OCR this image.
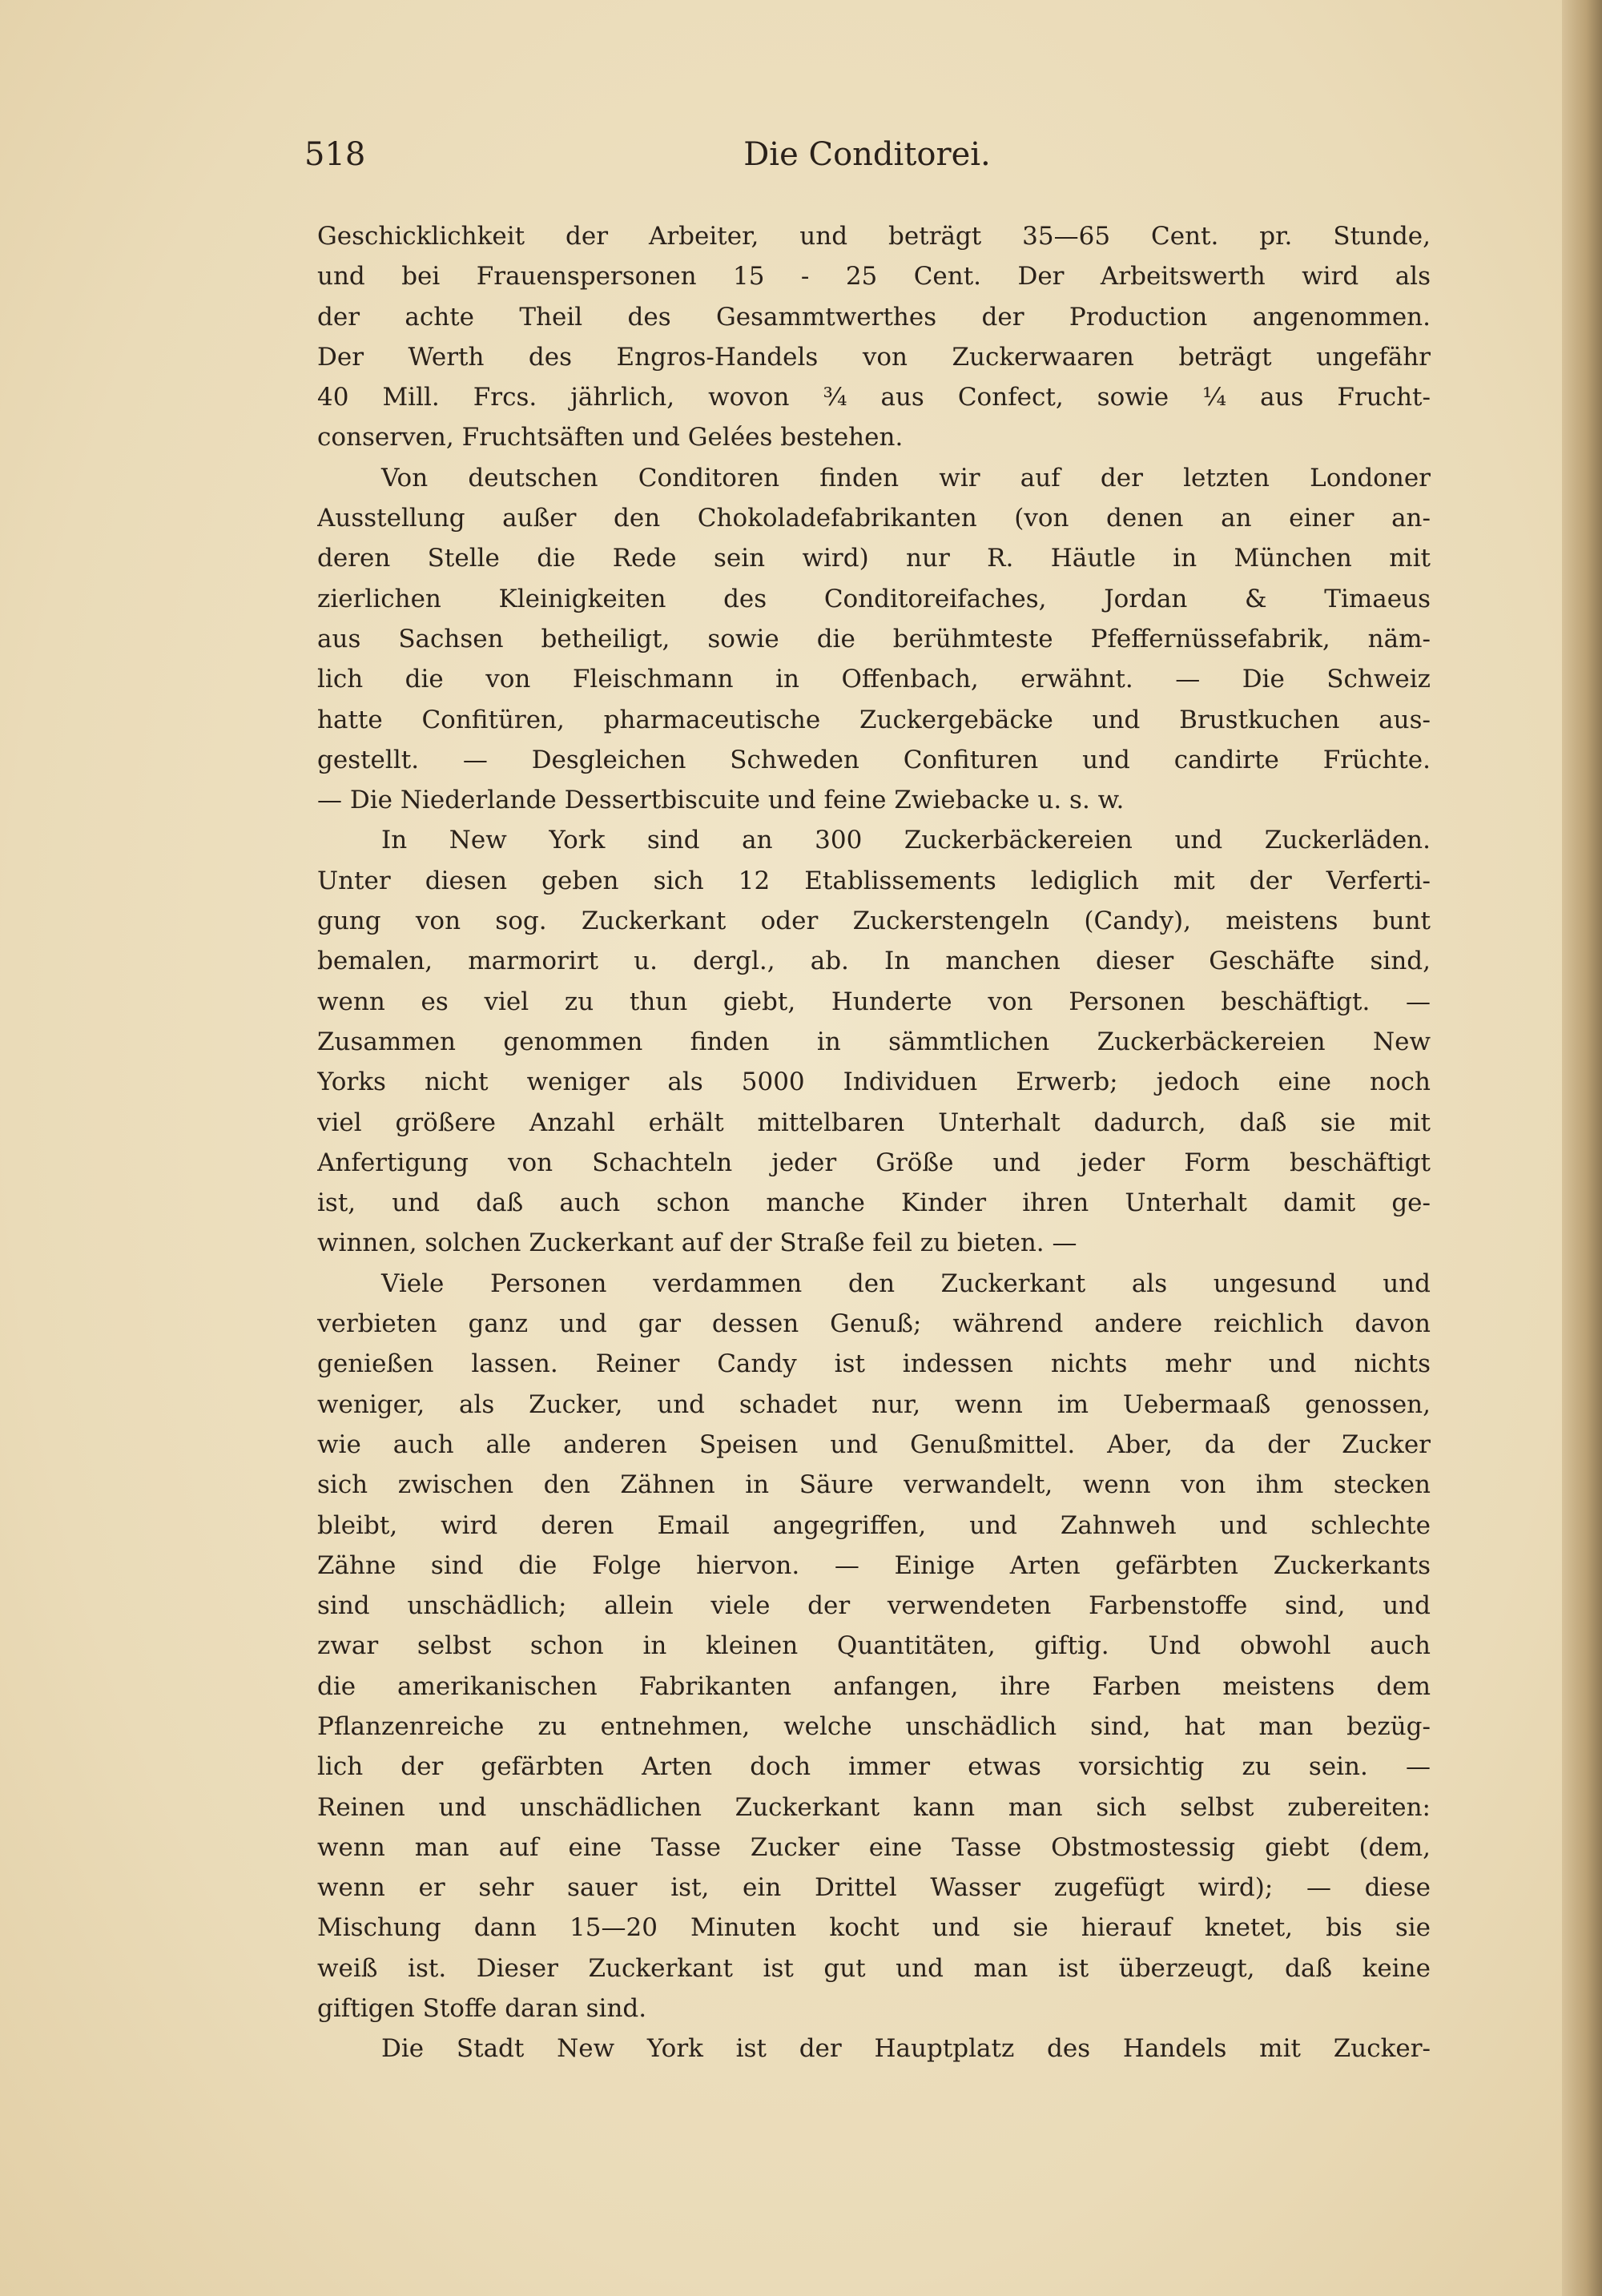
518	Die Conditorei.
Geschicklichkeit der Arbeiter, und beträgt 35—65 Cent. pr. Stunde,
und bei Frauenspersonen 15 - 25 Cent. Der Arbeitswerth wird als
der achte Theil des Gesammtwerthes der Production angenommen.
Der Werth des Engros-Handels von Zuckerwaaren beträgt ungefähr
40 Mill. Frcs. jährlich, wovon ¾ aus Confect, sowie ¼ aus Frucht-
conserven, Fruchtsäften und Gelées bestehen.
Von deutschen Conditoren finden wir auf der letzten Londoner
Ausstellung außer den Chokoladefabrikanten (von denen an einer an-
deren Stelle die Rede sein wird) nur R. Häutle in München mit
zierlichen Kleinigkeiten des Conditoreifaches, Jordan & Timaeus
aus Sachsen betheiligt, sowie die berühmteste Pfeffernüssefabrik, näm-
lich die von Fleischmann in Offenbach, erwähnt. — Die Schweiz
hatte Confitüren, pharmaceutische Zuckergebäcke und Brustkuchen aus-
gestellt. — Desgleichen Schweden Confituren und candirte Früchte.
— Die Niederlande Dessertbiscuite und feine Zwiebacke u. s. w.
In New York sind an 300 Zuckerbäckereien und Zuckerläden.
Unter diesen geben sich 12 Etablissements lediglich mit der Verferti-
gung von sog. Zuckerkant oder Zuckerstengeln (Candy), meistens bunt
bemalen, marmorirt u. dergl., ab. In manchen dieser Geschäfte sind,
wenn es viel zu thun giebt, Hunderte von Personen beschäftigt. —
Zusammen genommen finden in sämmtlichen Zuckerbäckereien New
Yorks nicht weniger als 5000 Individuen Erwerb; jedoch eine noch
viel größere Anzahl erhält mittelbaren Unterhalt dadurch, daß sie mit
Anfertigung von Schachteln jeder Größe und jeder Form beschäftigt
ist, und daß auch schon manche Kinder ihren Unterhalt damit ge-
winnen, solchen Zuckerkant auf der Straße feil zu bieten. —
Viele Personen verdammen den Zuckerkant als ungesund und
verbieten ganz und gar dessen Genuß; während andere reichlich davon
genießen lassen. Reiner Candy ist indessen nichts mehr und nichts
weniger, als Zucker, und schadet nur, wenn im Uebermaaß genossen,
wie auch alle anderen Speisen und Genußmittel. Aber, da der Zucker
sich zwischen den Zähnen in Säure verwandelt, wenn von ihm stecken
bleibt, wird deren Email angegriffen, und Zahnweh und schlechte
Zähne sind die Folge hiervon. — Einige Arten gefärbten Zuckerkants
sind unschädlich; allein viele der verwendeten Farbenstoffe sind, und
zwar selbst schon in kleinen Quantitäten, giftig. Und obwohl auch
die amerikanischen Fabrikanten anfangen, ihre Farben meistens dem
Pflanzenreiche zu entnehmen, welche unschädlich sind, hat man bezüg-
lich der gefärbten Arten doch immer etwas vorsichtig zu sein. —
Reinen und unschädlichen Zuckerkant kann man sich selbst zubereiten:
wenn man auf eine Tasse Zucker eine Tasse Obstmostessig giebt (dem,
wenn er sehr sauer ist, ein Drittel Wasser zugefügt wird); — diese
Mischung dann 15—20 Minuten kocht und sie hierauf knetet, bis sie
weiß ist. Dieser Zuckerkant ist gut und man ist überzeugt, daß keine
giftigen Stoffe daran sind.
Die Stadt New York ist der Hauptplatz des Handels mit Zucker-
